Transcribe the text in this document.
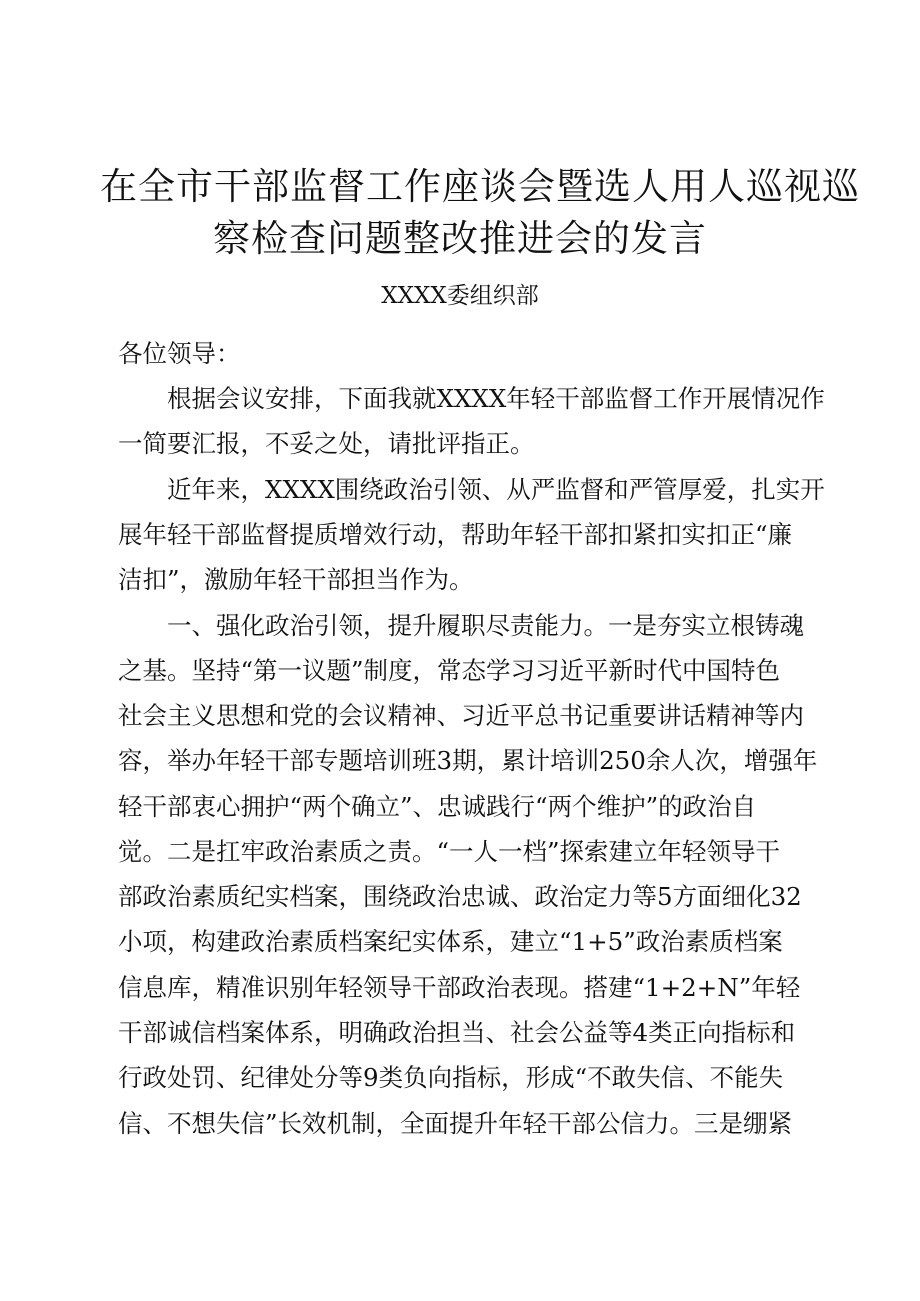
在全市干部监督工作座谈会暨选人用人巡视巡
察检查问题整改推进会的发言
XXXX委组织部
各位领导：
根据会议安排，下面我就XXXX年轻干部监督工作开展情况作
一简要汇报，不妥之处，请批评指正。
近年来，XXXX围绕政治引领、从严监督和严管厚爱，扎实开
展年轻干部监督提质增效行动，帮助年轻干部扣紧扣实扣正“廉
洁扣”，激励年轻干部担当作为。
一、强化政治引领，提升履职尽责能力。一是夯实立根铸魂
之基。坚持“第一议题”制度，常态学习习近平新时代中国特色
社会主义思想和党的会议精神、习近平总书记重要讲话精神等内
容，举办年轻干部专题培训班3期，累计培训250余人次，增强年
轻干部衷心拥护“两个确立”、忠诚践行“两个维护”的政治自
觉。二是扛牢政治素质之责。“一人一档”探索建立年轻领导干
部政治素质纪实档案，围绕政治忠诚、政治定力等5方面细化32
小项，构建政治素质档案纪实体系，建立“1+5”政治素质档案
信息库，精准识别年轻领导干部政治表现。搭建“1+2+N”年轻
干部诚信档案体系，明确政治担当、社会公益等4类正向指标和
行政处罚、纪律处分等9类负向指标，形成“不敢失信、不能失
信、不想失信”长效机制，全面提升年轻干部公信力。三是绷紧
